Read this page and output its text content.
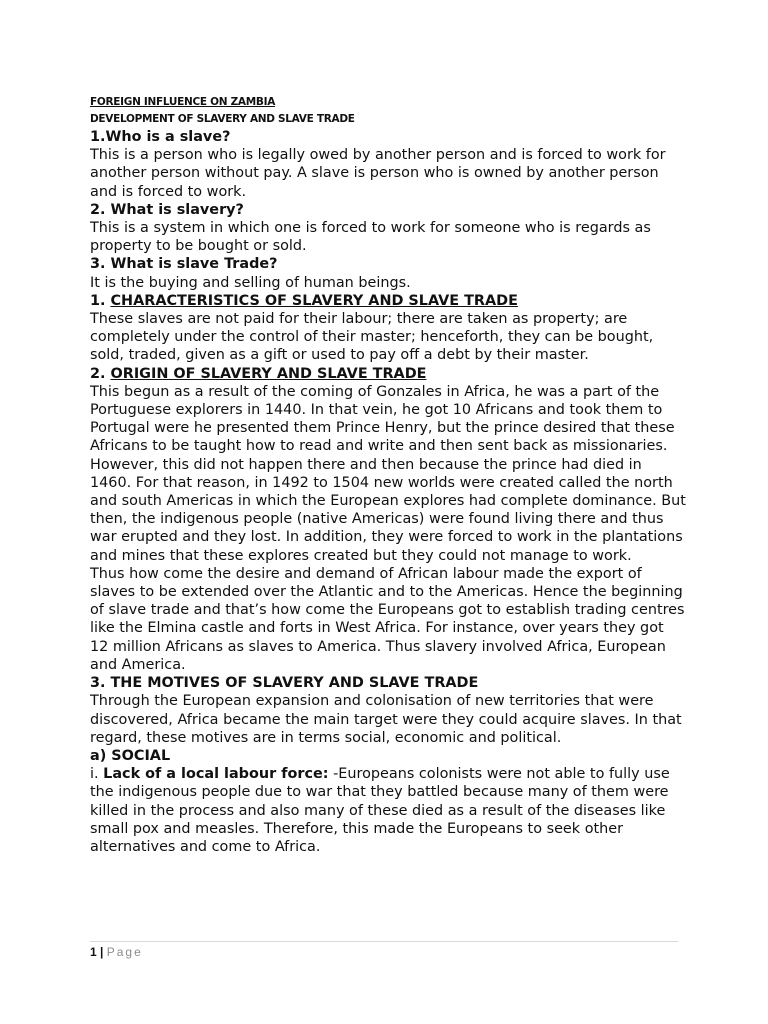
FOREIGN INFLUENCE ON ZAMBIA
DEVELOPMENT OF SLAVERY AND SLAVE TRADE
1.Who is a slave?

This is a person who is legally owed by another person and is forced to work for another person without pay. A slave is person who is owned by another person and is forced to work.

2. What is slavery?

This is a system in which one is forced to work for someone who is regards as property to be bought or sold.

3. What is slave Trade?

It is the buying and selling of human beings.

1. CHARACTERISTICS OF SLAVERY AND SLAVE TRADE

These slaves are not paid for their labour; there are taken as property; are completely under the control of their master; henceforth, they can be bought, sold, traded, given as a gift or used to pay off a debt by their master.

2. ORIGIN OF SLAVERY AND SLAVE TRADE

This begun as a result of the coming of Gonzales in Africa, he was a part of the Portuguese explorers in 1440. In that vein, he got 10 Africans and took them to Portugal were he presented them Prince Henry, but the prince desired that these Africans to be taught how to read and write and then sent back as missionaries. However, this did not happen there and then because the prince had died in 1460. For that reason, in 1492 to 1504 new worlds were created called the north and south Americas in which the European explores had complete dominance. But then, the indigenous people (native Americas) were found living there and thus war erupted and they lost. In addition, they were forced to work in the plantations and mines that these explores created but they could not manage to work.

Thus how come the desire and demand of African labour made the export of slaves to be extended over the Atlantic and to the Americas. Hence the beginning of slave trade and that’s how come the Europeans got to establish trading centres like the Elmina castle and forts in West Africa. For instance, over years they got 12 million Africans as slaves to America. Thus slavery involved Africa, European and America.

3. THE MOTIVES OF SLAVERY AND SLAVE TRADE

Through the European expansion and colonisation of new territories that were discovered, Africa became the main target were they could acquire slaves. In that regard, these motives are in terms social, economic and political.

a) SOCIAL

i. Lack of a local labour force: -Europeans colonists were not able to fully use the indigenous people due to war that they battled because many of them were killed in the process and also many of these died as a result of the diseases like small pox and measles. Therefore, this made the Europeans to seek other alternatives and come to Africa.

1 | Page
